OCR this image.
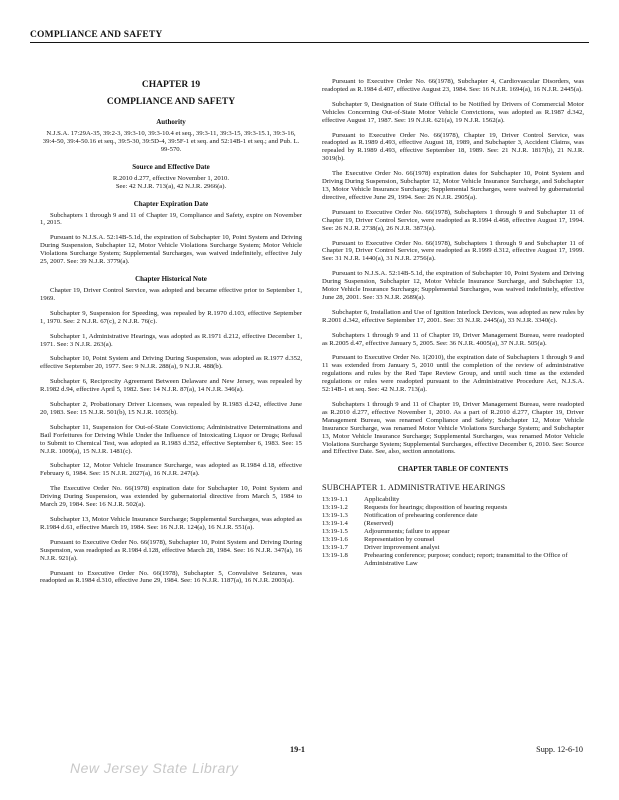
COMPLIANCE AND SAFETY
CHAPTER 19
COMPLIANCE AND SAFETY
Authority

N.J.S.A. 17:29A-35, 39:2-3, 39:3-10, 39:3-10.4 et seq., 39:3-11, 39:3-15, 39:3-15.1, 39:3-16, 39:4-50, 39:4-50.16 et seq., 39:5-30, 39:5D-4, 39:5F-1 et seq. and 52:14B-1 et seq.; and Pub. L. 99-570.

Source and Effective Date

R.2010 d.277, effective November 1, 2010.

See: 42 N.J.R. 713(a), 42 N.J.R. 2966(a).

Chapter Expiration Date

Subchapters 1 through 9 and 11 of Chapter 19, Compliance and Safety, expire on November 1, 2015.

Pursuant to N.J.S.A. 52:14B-5.1d, the expiration of Subchapter 10, Point System and Driving During Suspension, Subchapter 12, Motor Vehicle Violations Surcharge System; Motor Vehicle Violations Surcharge System; Supplemental Surcharges, was waived indefinitely, effective July 25, 2007. See: 39 N.J.R. 3779(a).

Chapter Historical Note

Chapter 19, Driver Control Service, was adopted and became effective prior to September 1, 1969.

Subchapter 9, Suspension for Speeding, was repealed by R.1970 d.103, effective September 1, 1970. See: 2 N.J.R. 67(c), 2 N.J.R. 76(c).

Subchapter 1, Administrative Hearings, was adopted as R.1971 d.212, effective December 1, 1971. See: 3 N.J.R. 263(a).

Subchapter 10, Point System and Driving During Suspension, was adopted as R.1977 d.352, effective September 20, 1977. See: 9 N.J.R. 288(a), 9 N.J.R. 488(b).

Subchapter 6, Reciprocity Agreement Between Delaware and New Jersey, was repealed by R.1982 d.94, effective April 5, 1982. See: 14 N.J.R. 87(a), 14 N.J.R. 346(a).

Subchapter 2, Probationary Driver Licenses, was repealed by R.1983 d.242, effective June 20, 1983. See: 15 N.J.R. 501(b), 15 N.J.R. 1035(b).

Subchapter 11, Suspension for Out-of-State Convictions; Administrative Determinations and Bail Forfeitures for Driving While Under the Influence of Intoxicating Liquor or Drugs; Refusal to Submit to Chemical Test, was adopted as R.1983 d.352, effective September 6, 1983. See: 15 N.J.R. 1009(a), 15 N.J.R. 1481(c).

Subchapter 12, Motor Vehicle Insurance Surcharge, was adopted as R.1984 d.18, effective February 6, 1984. See: 15 N.J.R. 2027(a), 16 N.J.R. 247(a).

The Executive Order No. 66(1978) expiration date for Subchapter 10, Point System and Driving During Suspension, was extended by gubernatorial directive from March 5, 1984 to March 29, 1984. See: 16 N.J.R. 502(a).

Subchapter 13, Motor Vehicle Insurance Surcharge; Supplemental Surcharges, was adopted as R.1984 d.61, effective March 19, 1984. See: 16 N.J.R. 124(a), 16 N.J.R. 551(a).

Pursuant to Executive Order No. 66(1978), Subchapter 10, Point System and Driving During Suspension, was readopted as R.1984 d.128, effective March 28, 1984. See: 16 N.J.R. 347(a), 16 N.J.R. 921(a).

Pursuant to Executive Order No. 66(1978), Subchapter 5, Convulsive Seizures, was readopted as R.1984 d.310, effective June 29, 1984. See: 16 N.J.R. 1187(a), 16 N.J.R. 2003(a).

Pursuant to Executive Order No. 66(1978), Subchapter 4, Cardiovascular Disorders, was readopted as R.1984 d.407, effective August 23, 1984. See: 16 N.J.R. 1694(a), 16 N.J.R. 2445(a).

Subchapter 9, Designation of State Official to be Notified by Drivers of Commercial Motor Vehicles Concerning Out-of-State Motor Vehicle Convictions, was adopted as R.1987 d.342, effective August 17, 1987. See: 19 N.J.R. 621(a), 19 N.J.R. 1562(a).

Pursuant to Executive Order No. 66(1978), Chapter 19, Driver Control Service, was readopted as R.1989 d.493, effective August 18, 1989, and Subchapter 3, Accident Claims, was repealed by R.1989 d.493, effective September 18, 1989. See: 21 N.J.R. 1817(b), 21 N.J.R. 3019(b).

The Executive Order No. 66(1978) expiration dates for Subchapter 10, Point System and Driving During Suspension, Subchapter 12, Motor Vehicle Insurance Surcharge, and Subchapter 13, Motor Vehicle Insurance Surcharge; Supplemental Surcharges, were waived by gubernatorial directive, effective June 29, 1994. See: 26 N.J.R. 2905(a).

Pursuant to Executive Order No. 66(1978), Subchapters 1 through 9 and Subchapter 11 of Chapter 19, Driver Control Service, were readopted as R.1994 d.468, effective August 17, 1994. See: 26 N.J.R. 2738(a), 26 N.J.R. 3873(a).

Pursuant to Executive Order No. 66(1978), Subchapters 1 through 9 and Subchapter 11 of Chapter 19, Driver Control Service, were readopted as R.1999 d.312, effective August 17, 1999. See: 31 N.J.R. 1440(a), 31 N.J.R. 2756(a).

Pursuant to N.J.S.A. 52:14B-5.1d, the expiration of Subchapter 10, Point System and Driving During Suspension, Subchapter 12, Motor Vehicle Insurance Surcharge, and Subchapter 13, Motor Vehicle Insurance Surcharge; Supplemental Surcharges, was waived indefinitely, effective June 28, 2001. See: 33 N.J.R. 2689(a).

Subchapter 6, Installation and Use of Ignition Interlock Devices, was adopted as new rules by R.2001 d.342, effective September 17, 2001. See: 33 N.J.R. 2445(a), 33 N.J.R. 3340(c).

Subchapters 1 through 9 and 11 of Chapter 19, Driver Management Bureau, were readopted as R.2005 d.47, effective January 5, 2005. See: 36 N.J.R. 4005(a), 37 N.J.R. 505(a).

Pursuant to Executive Order No. 1(2010), the expiration date of Subchapters 1 through 9 and 11 was extended from January 5, 2010 until the completion of the review of administrative regulations and rules by the Red Tape Review Group, and until such time as the extended regulations or rules were readopted pursuant to the Administrative Procedure Act, N.J.S.A. 52:14B-1 et seq. See: 42 N.J.R. 713(a).

Subchapters 1 through 9 and 11 of Chapter 19, Driver Management Bureau, were readopted as R.2010 d.277, effective November 1, 2010. As a part of R.2010 d.277, Chapter 19, Driver Management Bureau, was renamed Compliance and Safety; Subchapter 12, Motor Vehicle Insurance Surcharge, was renamed Motor Vehicle Violations Surcharge System; and Subchapter 13, Motor Vehicle Insurance Surcharge; Supplemental Surcharges, was renamed Motor Vehicle Violations Surcharge System; Supplemental Surcharges, effective December 6, 2010. See: Source and Effective Date. See, also, section annotations.

CHAPTER TABLE OF CONTENTS
SUBCHAPTER 1. ADMINISTRATIVE HEARINGS
13:19-1.1	Applicability
13:19-1.2	Requests for hearings; disposition of hearing requests
13:19-1.3	Notification of prehearing conference date
13:19-1.4	(Reserved)
13:19-1.5	Adjournments; failure to appear
13:19-1.6	Representation by counsel
13:19-1.7	Driver improvement analyst
13:19-1.8	Prehearing conference; purpose; conduct; report; transmittal to the Office of Administrative Law
19-1	Supp. 12-6-10
New Jersey State Library
